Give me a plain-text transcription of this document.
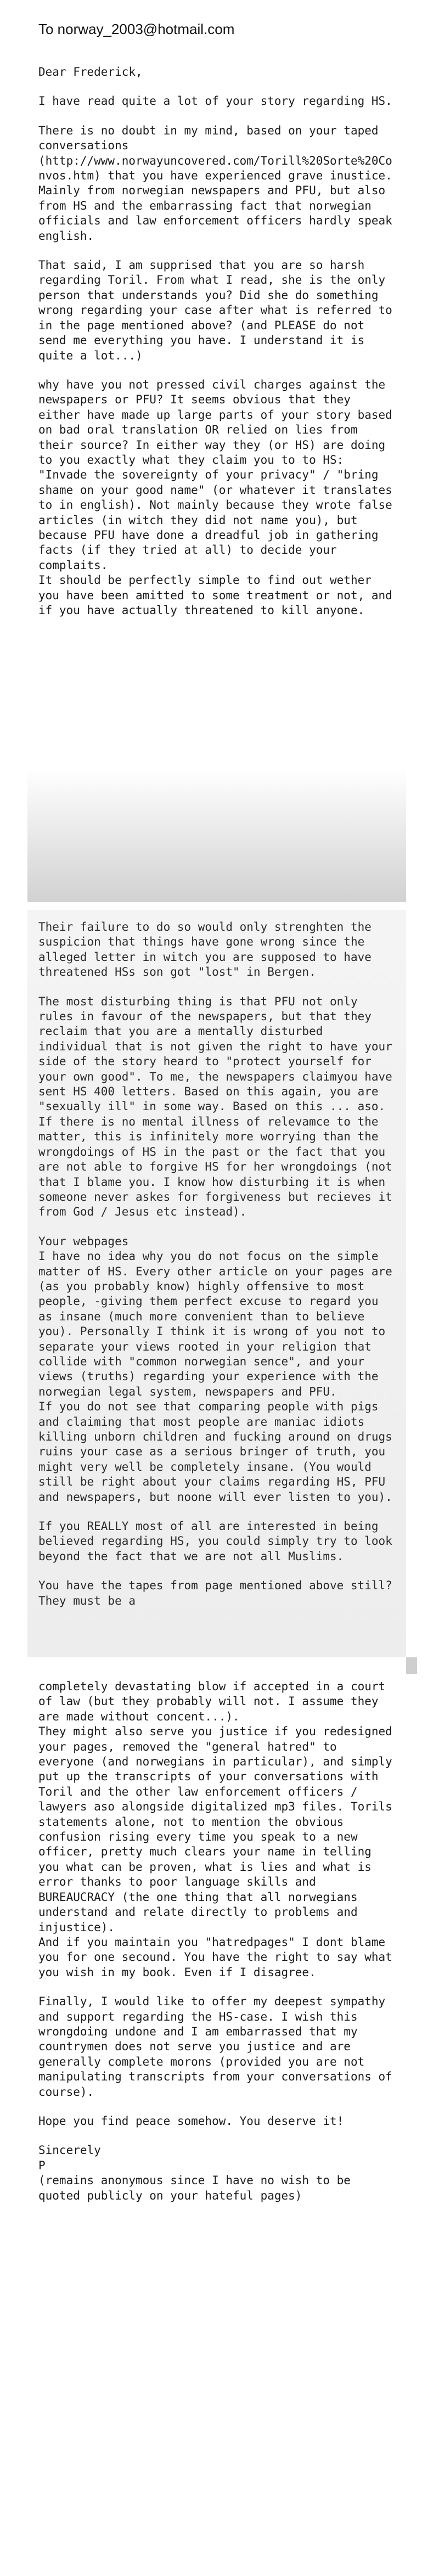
To norway_2003@hotmail.com

Dear Frederick,

I have read quite a lot of your story regarding HS.

There is no doubt in my mind, based on your taped conversations (http://www.norwayuncovered.com/Torill%20Sorte%20Convos.htm) that you have experienced grave inustice. Mainly from norwegian newspapers and PFU, but also from HS and the embarrassing fact that norwegian officials and law enforcement officers hardly speak english.

That said, I am supprised that you are so harsh regarding Toril. From what I read, she is the only person that understands you? Did she do something wrong regarding your case after what is referred to in the page mentioned above? (and PLEASE do not send me everything you have. I understand it is quite a lot...)

why have you not pressed civil charges against the newspapers or PFU? It seems obvious that they either have made up large parts of your story based on bad oral translation OR relied on lies from their source? In either way they (or HS) are doing to you exactly what they claim you to to HS: "Invade the sovereignty of your privacy" / "bring shame on your good name" (or whatever it translates to in english). Not mainly because they wrote false articles (in witch they did not name you), but because PFU have done a dreadful job in gathering facts (if they tried at all) to decide your complaits.
It should be perfectly simple to find out wether you have been amitted to some treatment or not, and if you have actually threatened to kill anyone.

Their failure to do so would only strenghten the suspicion that things have gone wrong since the alleged letter in witch you are supposed to have threatened HSs son got "lost" in Bergen.

The most disturbing thing is that PFU not only rules in favour of the newspapers, but that they reclaim that you are a mentally disturbed individual that is not given the right to have your side of the story heard to "protect yourself for your own good". To me, the newspapers claimyou have sent HS 400 letters. Based on this again, you are "sexually ill" in some way. Based on this ... aso.
If there is no mental illness of relevamce to the matter, this is infinitely more worrying than the wrongdoings of HS in the past or the fact that you are not able to forgive HS for her wrongdoings (not that I blame you. I know how disturbing it is when someone never askes for forgiveness but recieves it from God / Jesus etc instead).

Your webpages
I have no idea why you do not focus on the simple matter of HS. Every other article on your pages are (as you probably know) highly offensive to most people, -giving them perfect excuse to regard you as insane (much more convenient than to believe you). Personally I think it is wrong of you not to separate your views rooted in your religion that collide with "common norwegian sence", and your views (truths) regarding your experience with the norwegian legal system, newspapers and PFU.
If you do not see that comparing people with pigs and claiming that most people are maniac idiots killing unborn children and fucking around on drugs ruins your case as a serious bringer of truth, you might very well be completely insane. (You would still be right about your claims regarding HS, PFU and newspapers, but noone will ever listen to you).

If you REALLY most of all are interested in being believed regarding HS, you could simply try to look beyond the fact that we are not all Muslims.

You have the tapes from page mentioned above still? They must be a

completely devastating blow if accepted in a court of law (but they probably will not. I assume they are made without concent...).
They might also serve you justice if you redesigned your pages, removed the "general hatred" to everyone (and norwegians in particular), and simply put up the transcripts of your conversations with Toril and the other law enforcement officers / lawyers aso alongside digitalized mp3 files. Torils statements alone, not to mention the obvious confusion rising every time you speak to a new officer, pretty much clears your name in telling you what can be proven, what is lies and what is error thanks to poor language skills and BUREAUCRACY (the one thing that all norwegians understand and relate directly to problems and injustice).
And if you maintain you "hatredpages" I dont blame you for one secound. You have the right to say what you wish in my book. Even if I disagree.

Finally, I would like to offer my deepest sympathy and support regarding the HS-case. I wish this wrongdoing undone and I am embarrassed that my countrymen does not serve you justice and are generally complete morons (provided you are not manipulating transcripts from your conversations of course).

Hope you find peace somehow. You deserve it!

Sincerely
P
(remains anonymous since I have no wish to be quoted publicly on your hateful pages)
